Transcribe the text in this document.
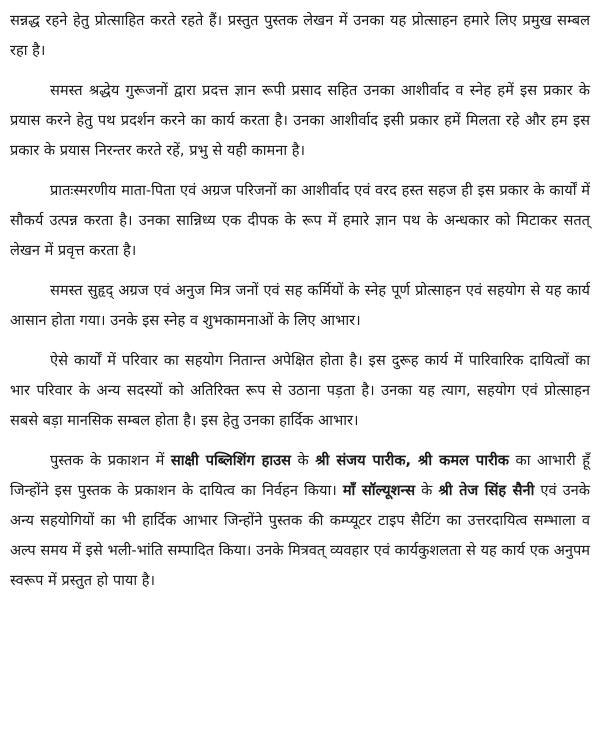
सन्नद्ध रहने हेतु प्रोत्साहित करते रहते हैं। प्रस्तुत पुस्तक लेखन में उनका यह प्रोत्साहन हमारे लिए प्रमुख सम्बल रहा है।

समस्त श्रद्धेय गुरूजनों द्वारा प्रदत्त ज्ञान रूपी प्रसाद सहित उनका आशीर्वाद व स्नेह हमें इस प्रकार के प्रयास करने हेतु पथ प्रदर्शन करने का कार्य करता है। उनका आशीर्वाद इसी प्रकार हमें मिलता रहे और हम इस प्रकार के प्रयास निरन्तर करते रहें, प्रभु से यही कामना है।

प्रातःस्मरणीय माता-पिता एवं अग्रज परिजनों का आशीर्वाद एवं वरद हस्त सहज ही इस प्रकार के कार्यों में सौकर्य उत्पन्न करता है। उनका सान्निध्य एक दीपक के रूप में हमारे ज्ञान पथ के अन्धकार को मिटाकर सतत् लेखन में प्रवृत्त करता है।

समस्त सुहृद् अग्रज एवं अनुज मित्र जनों एवं सह कर्मियों के स्नेह पूर्ण प्रोत्साहन एवं सहयोग से यह कार्य आसान होता गया। उनके इस स्नेह व शुभकामनाओं के लिए आभार।

ऐसे कार्यों में परिवार का सहयोग नितान्त अपेक्षित होता है। इस दुरूह कार्य में पारिवारिक दायित्वों का भार परिवार के अन्य सदस्यों को अतिरिक्त रूप से उठाना पड़ता है। उनका यह त्याग, सहयोग एवं प्रोत्साहन सबसे बड़ा मानसिक सम्बल होता है। इस हेतु उनका हार्दिक आभार।

पुस्तक के प्रकाशन में साक्षी पब्लिशिंग हाउस के श्री संजय पारीक, श्री कमल पारीक का आभारी हूँ जिन्होंने इस पुस्तक के प्रकाशन के दायित्व का निर्वहन किया। माँ सॉल्यूशन्स के श्री तेज सिंह सैनी एवं उनके अन्य सहयोगियों का भी हार्दिक आभार जिन्होंने पुस्तक की कम्प्यूटर टाइप सैटिंग का उत्तरदायित्व सम्भाला व अल्प समय में इसे भली-भांति सम्पादित किया। उनके मित्रवत् व्यवहार एवं कार्यकुशलता से यह कार्य एक अनुपम स्वरूप में प्रस्तुत हो पाया है।
